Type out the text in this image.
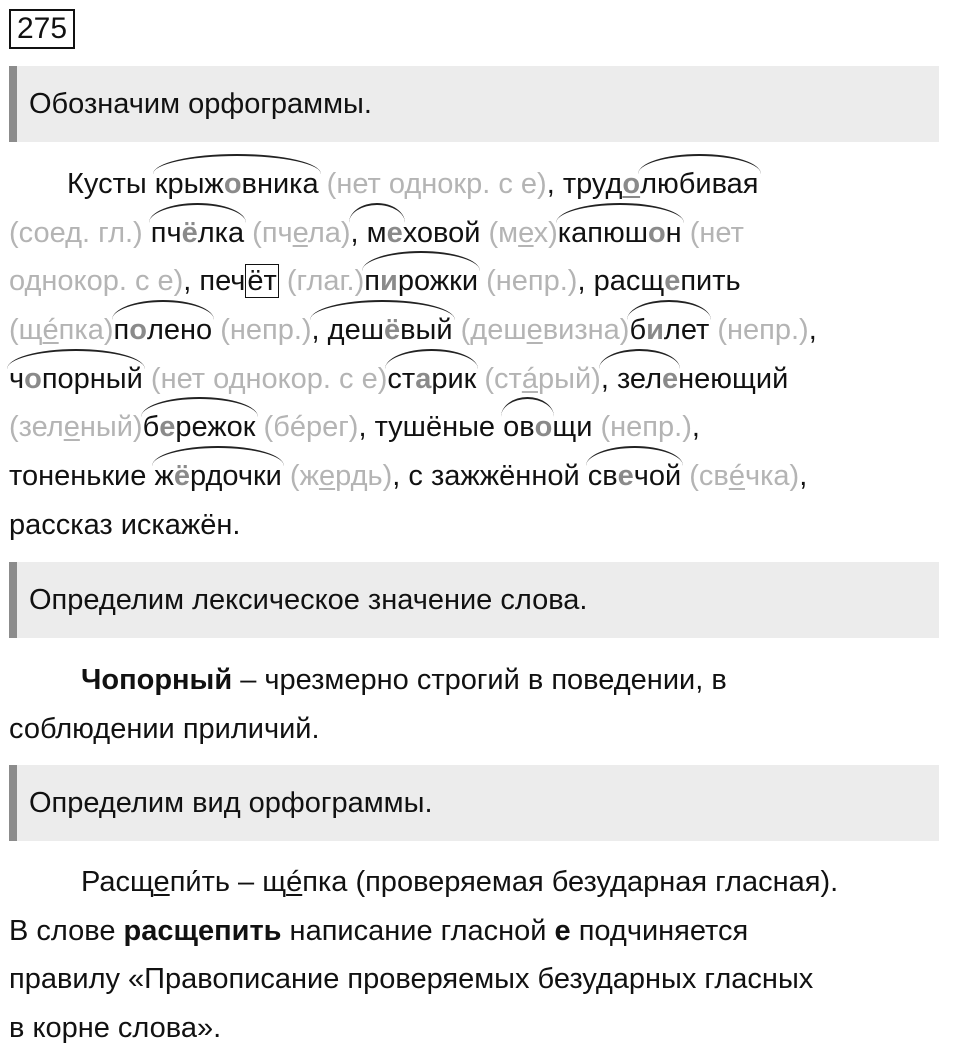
275
Обозначим орфограммы.
Кусты крыжовника (нет однокр. с е), трудолюбивая
(соед. гл.) пчёлка (пчела), меховой (мех)капюшон (нет
однокор. с е), печёт (глаг.)пирожки (непр.), расщепить
(щéпка)полено (непр.), дешёвый (дешевизна)билет (непр.),
чопорный (нет однокор. с е)старик (стáрый), зеленеющий
(зеленый)бережок (бéрег), тушёные овощи (непр.),
тоненькие жёрдочки (жердь), с зажжённой свечой (свéчка),
рассказ искажён.
Определим лексическое значение слова.
Чопорный – чрезмерно строгий в поведении, в
соблюдении приличий.
Определим вид орфограммы.
Расщепи́ть – щéпка (проверяемая безударная гласная).
В слове расщепить написание гласной е подчиняется
правилу «Правописание проверяемых безударных гласных
в корне слова».
